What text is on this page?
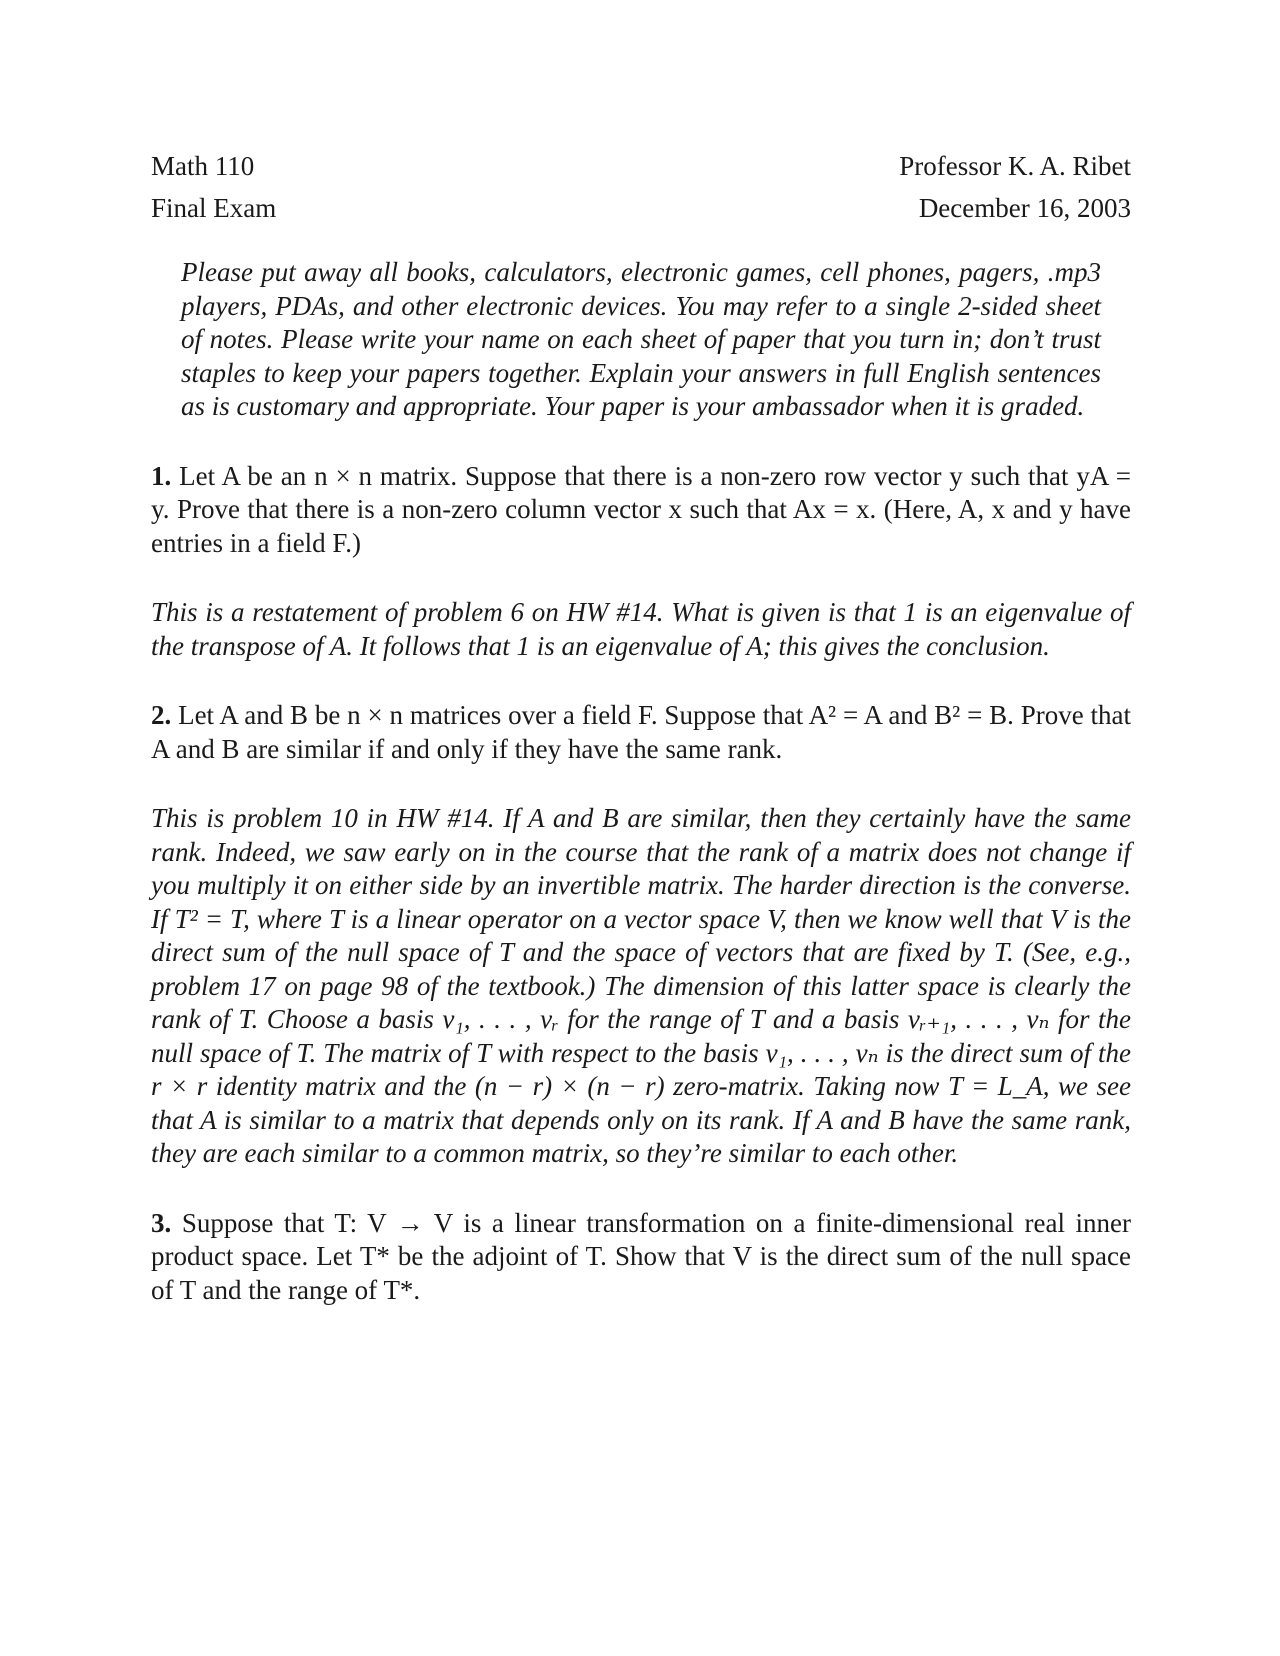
Math 110	Professor K. A. Ribet
Final Exam	December 16, 2003

Please put away all books, calculators, electronic games, cell phones, pagers, .mp3 players, PDAs, and other electronic devices. You may refer to a single 2-sided sheet of notes. Please write your name on each sheet of paper that you turn in; don’t trust staples to keep your papers together. Explain your answers in full English sentences as is customary and appropriate. Your paper is your ambassador when it is graded.

1. Let A be an n × n matrix. Suppose that there is a non-zero row vector y such that yA = y. Prove that there is a non-zero column vector x such that Ax = x. (Here, A, x and y have entries in a field F.)
This is a restatement of problem 6 on HW #14. What is given is that 1 is an eigenvalue of the transpose of A. It follows that 1 is an eigenvalue of A; this gives the conclusion.
2. Let A and B be n × n matrices over a field F. Suppose that A² = A and B² = B. Prove that A and B are similar if and only if they have the same rank.
This is problem 10 in HW #14. If A and B are similar, then they certainly have the same rank. Indeed, we saw early on in the course that the rank of a matrix does not change if you multiply it on either side by an invertible matrix. The harder direction is the converse. If T² = T, where T is a linear operator on a vector space V, then we know well that V is the direct sum of the null space of T and the space of vectors that are fixed by T. (See, e.g., problem 17 on page 98 of the textbook.) The dimension of this latter space is clearly the rank of T. Choose a basis v₁, . . . , vᵣ for the range of T and a basis vᵣ₊₁, . . . , vₙ for the null space of T. The matrix of T with respect to the basis v₁, . . . , vₙ is the direct sum of the r × r identity matrix and the (n − r) × (n − r) zero-matrix. Taking now T = L_A, we see that A is similar to a matrix that depends only on its rank. If A and B have the same rank, they are each similar to a common matrix, so they’re similar to each other.
3. Suppose that T: V → V is a linear transformation on a finite-dimensional real inner product space. Let T* be the adjoint of T. Show that V is the direct sum of the null space of T and the range of T*.
